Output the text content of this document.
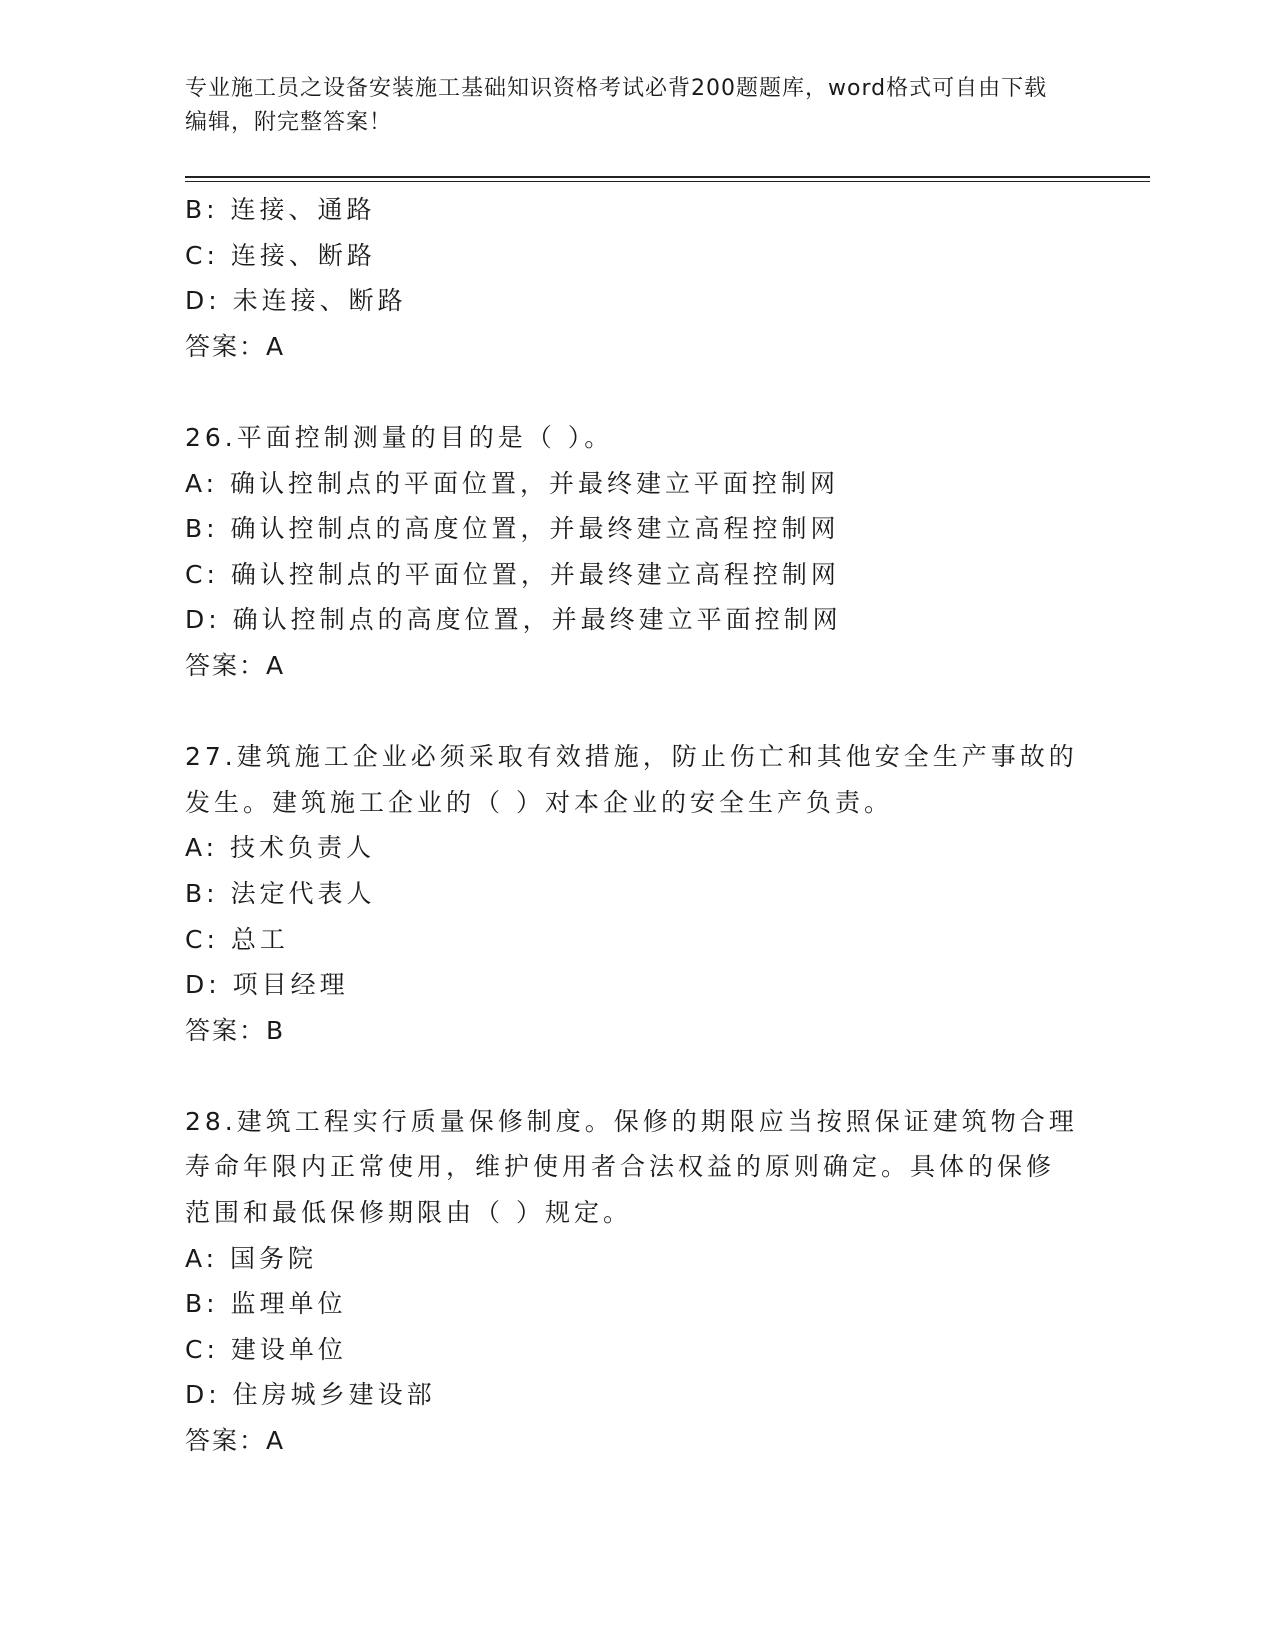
专业施工员之设备安装施工基础知识资格考试必背200题题库，word格式可自由下载编辑，附完整答案！

B: 连接、通路

C: 连接、断路

D: 未连接、断路

答案：A

26.平面控制测量的目的是（ ）。

A: 确认控制点的平面位置，并最终建立平面控制网

B: 确认控制点的高度位置，并最终建立高程控制网

C: 确认控制点的平面位置，并最终建立高程控制网

D: 确认控制点的高度位置，并最终建立平面控制网

答案：A

27.建筑施工企业必须采取有效措施，防止伤亡和其他安全生产事故的

发生。建筑施工企业的（ ）对本企业的安全生产负责。

A: 技术负责人

B: 法定代表人

C: 总工

D: 项目经理

答案：B

28.建筑工程实行质量保修制度。保修的期限应当按照保证建筑物合理

寿命年限内正常使用，维护使用者合法权益的原则确定。具体的保修

范围和最低保修期限由（ ）规定。

A: 国务院

B: 监理单位

C: 建设单位

D: 住房城乡建设部

答案：A
